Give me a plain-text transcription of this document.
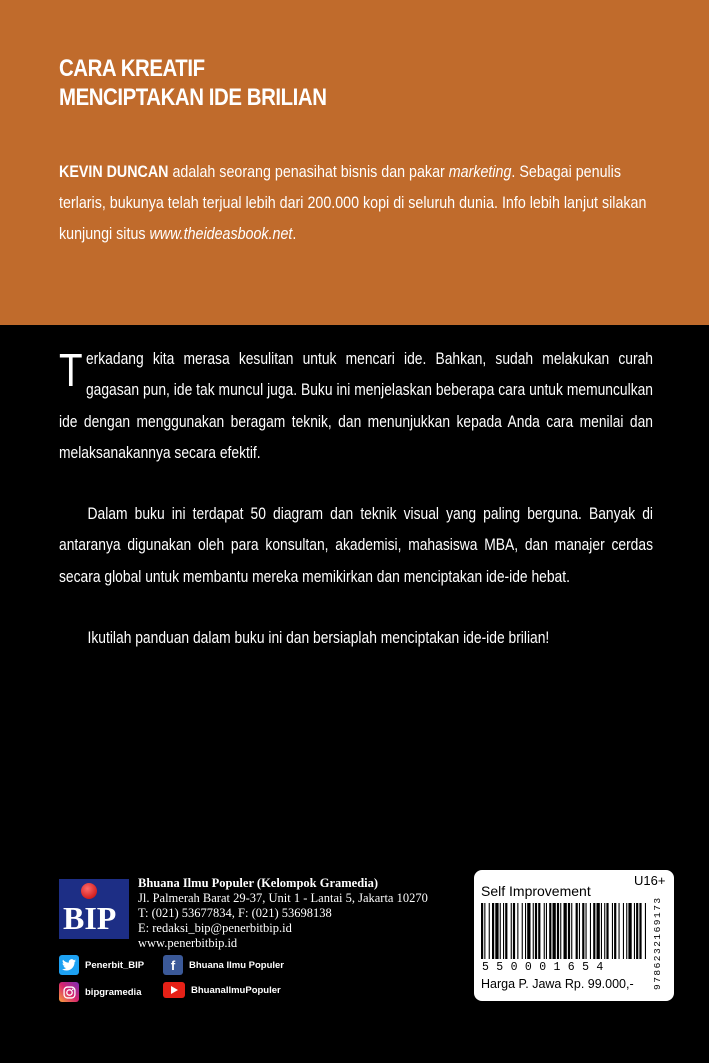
CARA KREATIF
MENCIPTAKAN IDE BRILIAN
KEVIN DUNCAN adalah seorang penasihat bisnis dan pakar marketing. Sebagai penulis terlaris, bukunya telah terjual lebih dari 200.000 kopi di seluruh dunia. Info lebih lanjut silakan kunjungi situs www.theideasbook.net.

Terkadang kita merasa kesulitan untuk mencari ide. Bahkan, sudah melakukan curah gagasan pun, ide tak muncul juga. Buku ini menjelaskan beberapa cara untuk memunculkan ide dengan menggunakan beragam teknik, dan menunjukkan kepada Anda cara menilai dan melaksanakannya secara efektif.

Dalam buku ini terdapat 50 diagram dan teknik visual yang paling berguna. Banyak di antaranya digunakan oleh para konsultan, akademisi, mahasiswa MBA, dan manajer cerdas secara global untuk membantu mereka memikirkan dan menciptakan ide-ide hebat.

Ikutilah panduan dalam buku ini dan bersiaplah menciptakan ide-ide brilian!

BIP
Bhuana Ilmu Populer (Kelompok Gramedia)
Jl. Palmerah Barat 29-37, Unit 1 - Lantai 5, Jakarta 10270
T: (021) 53677834, F: (021) 53698138
E: redaksi_bip@penerbitbip.id
www.penerbitbip.id
Penerbit_BIP	f	Bhuana Ilmu Populer
bipgramedia	BhuanaIlmuPopuler
Self Improvement
U16+
550001654
Harga P. Jawa Rp. 99.000,- 9786232169173
